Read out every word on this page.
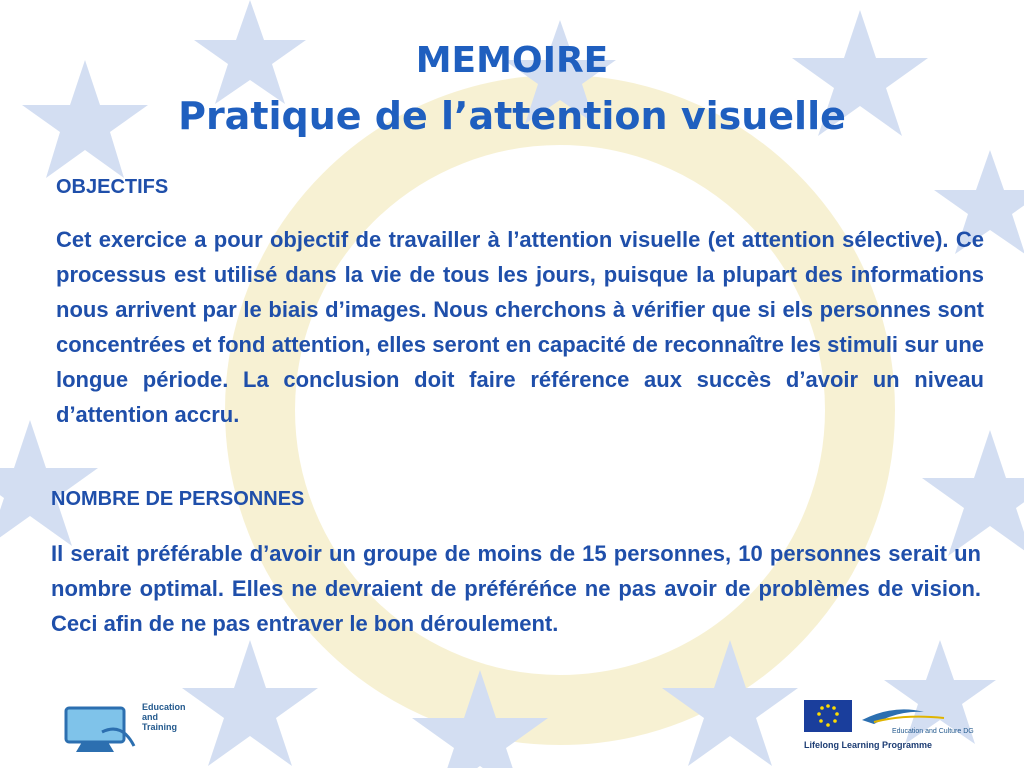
MEMOIRE
Pratique de l’attention visuelle

OBJECTIFS

Cet exercice a pour objectif de travailler à l’attention visuelle (et attention sélective). Ce processus est utilisé dans la vie de tous les jours, puisque la plupart des informations nous arrivent par le biais d’images. Nous cherchons à vérifier que si els personnes sont concentrées et fond attention, elles seront en capacité de reconnaître les stimuli sur une longue période. La conclusion doit faire référence aux succès d’avoir un niveau d’attention accru.

NOMBRE DE PERSONNES

Il serait préférable d’avoir un groupe de moins de 15 personnes, 10 personnes serait un nombre optimal. Elles ne devraient de préféréńce ne pas avoir de problèmes de vision. Ceci afin de ne pas entraver le bon déroulement.

Education
and
Training	Education and Culture DG
Lifelong Learning Programme
